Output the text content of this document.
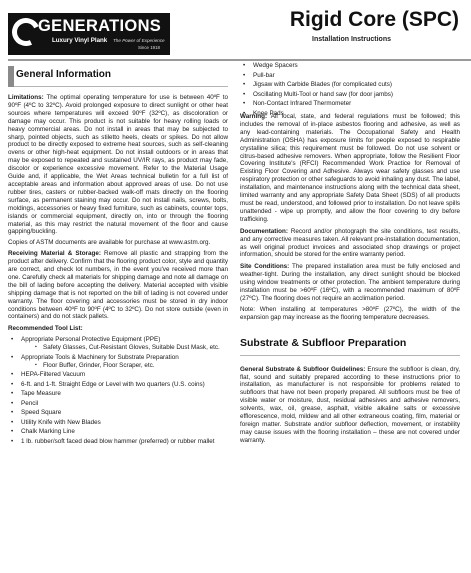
GENERATIONS
Luxury Vinyl Plank The Power of Experience
Since 1918
Rigid Core (SPC)
Installation Instructions
General Information

Limitations: The optimal operating temperature for use is between 40ºF to 90ºF (4ºC to 32ºC). Avoid prolonged exposure to direct sunlight or other heat sources where temperatures will exceed 90ºF (32ºC), as discoloration or damage may occur. This product is not suitable for heavy rolling loads or heavy commercial areas. Do not install in areas that may be subjected to sharp, pointed objects, such as stiletto heels, cleats or spikes. Do not allow product to be directly exposed to extreme heat sources, such as self-cleaning ovens or other high-heat equipment. Do not install outdoors or in areas that may be exposed to repeated and sustained UV/IR rays, as product may fade, discolor or experience excessive movement. Refer to the Material Usage Guide and, if applicable, the Wet Areas technical bulletin for a full list of acceptable areas and information about approved areas of use. Do not use rubber tires, casters or rubber-backed walk-off mats directly on the flooring surface, as permanent staining may occur. Do not install nails, screws, bolts, moldings, accessories or heavy fixed furniture, such as cabinets, counter tops, islands or commercial equipment, directly on, into or through the flooring material, as this may restrict the natural movement of the floor and cause gapping/buckling.

Copies of ASTM documents are available for purchase at www.astm.org.

Receiving Material & Storage: Remove all plastic and strapping from the product after delivery. Confirm that the flooring product color, style and quantity are correct, and check lot numbers, in the event you've received more than one. Carefully check all materials for shipping damage and note all damage on the bill of lading before accepting the delivery. Material accepted with visible shipping damage that is not reported on the bill of lading is not covered under warranty. The floor covering and accessories must be stored in dry indoor conditions between 40ºF to 90ºF (4ºC to 32ºC). Do not store outside (even in containers) and do not stack pallets.

Recommended Tool List:
• Appropriate Personal Protective Equipment (PPE)
▪ Safety Glasses, Cut-Resistant Gloves, Suitable Dust Mask, etc.
• Appropriate Tools & Machinery for Substrate Preparation
▪ Floor Buffer, Grinder, Floor Scraper, etc.
• HEPA-Filtered Vacuum
• 6-ft. and 1-ft. Straight Edge or Level with two quarters (U.S. coins)
• Tape Measure
• Pencil
• Speed Square
• Utility Knife with New Blades
• Chalk Marking Line
• 1 lb. rubber/soft faced dead blow hammer (preferred) or rubber mallet
• Wedge Spacers
• Pull-bar
• Jigsaw with Carbide Blades (for complicated cuts)
• Oscillating Multi-Tool or hand saw (for door jambs)
• Non-Contact Infrared Thermometer
• Knee Pads

Warning: All local, state, and federal regulations must be followed; this includes the removal of in-place asbestos flooring and adhesive, as well as any lead-containing materials. The Occupational Safety and Health Administration (OSHA) has exposure limits for people exposed to respirable crystalline silica; this requirement must be followed. Do not use solvent or citrus-based adhesive removers. When appropriate, follow the Resilient Floor Covering Institute's (RFCI) Recommended Work Practice for Removal of Existing Floor Covering and Adhesive. Always wear safety glasses and use respiratory protection or other safeguards to avoid inhaling any dust. The label, installation, and maintenance instructions along with the technical data sheet, limited warranty and any appropriate Safety Data Sheet (SDS) of all products must be read, understood, and followed prior to installation. Do not leave spills unattended - wipe up promptly, and allow the floor covering to dry before trafficking.

Documentation: Record and/or photograph the site conditions, test results, and any corrective measures taken. All relevant pre-installation documentation, as well original product invoices and associated shop drawings or project information, should be stored for the entire warranty period.

Site Conditions: The prepared installation area must be fully enclosed and weather-tight. During the installation, any direct sunlight should be blocked using window treatments or other protection. The ambient temperature during installation must be >60ºF (16ºC), with a recommended maximum of 80ºF (27ºC). The flooring does not require an acclimation period.

Note: When installing at temperatures >80ºF (27ºC), the width of the expansion gap may increase as the flooring temperature decreases.

Substrate & Subfloor Preparation

General Substrate & Subfloor Guidelines: Ensure the subfloor is clean, dry, flat, sound and suitably prepared according to these instructions prior to installation, as manufacturer is not responsible for problems related to subfloors that have not been properly prepared. All subfloors must be free of visible water or moisture, dust, residual adhesives and adhesive removers, solvents, wax, oil, grease, asphalt, visible alkaline salts or excessive efflorescence, mold, mildew and all other extraneous coating, film, material or foreign matter. Substrate and/or subfloor deflection, movement, or instability may cause issues with the flooring installation – these are not covered under warranty.
